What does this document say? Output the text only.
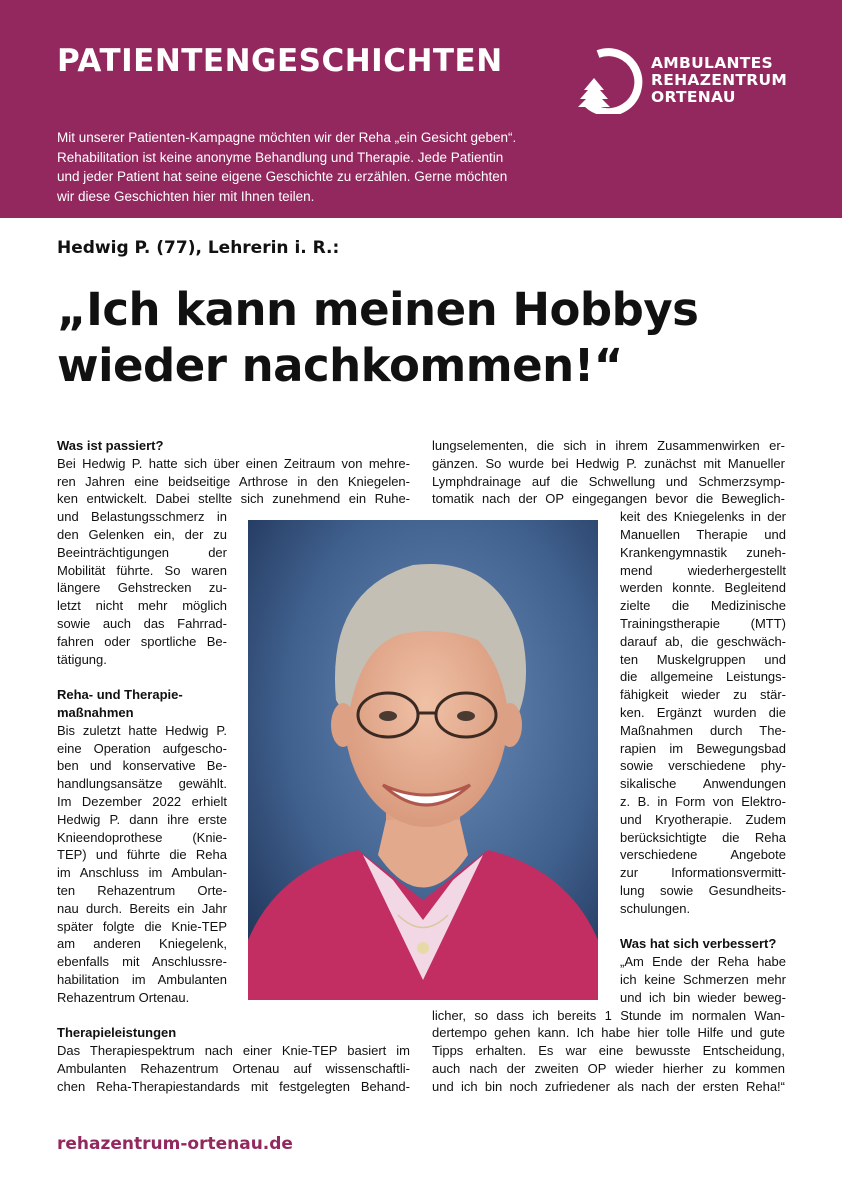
PATIENTENGESCHICHTEN	AMBULANTES
REHAZENTRUM
ORTENAU
Mit unserer Patienten-Kampagne möchten wir der Reha „ein Gesicht geben“.
Rehabilitation ist keine anonyme Behandlung und Therapie. Jede Patientin
und jeder Patient hat seine eigene Geschichte zu erzählen. Gerne möchten
wir diese Geschichten hier mit Ihnen teilen.
Hedwig P. (77), Lehrerin i. R.:
„Ich kann meinen Hobbys
wieder nachkommen!“
Was ist passiert?
Bei Hedwig P. hatte sich über einen Zeitraum von mehre-
ren Jahren eine beidseitige Arthrose in den Kniegelen-
ken entwickelt. Dabei stellte sich zunehmend ein Ruhe-
und Belastungsschmerz in
den Gelenken ein, der zu
Beeinträchtigungen der
Mobilität führte. So waren
längere Gehstrecken zu-
letzt nicht mehr möglich
sowie auch das Fahrrad-
fahren oder sportliche Be-
tätigung.
Reha- und Therapie-
maßnahmen
Bis zuletzt hatte Hedwig P.
eine Operation aufgescho-
ben und konservative Be-
handlungsansätze gewählt.
Im Dezember 2022 erhielt
Hedwig P. dann ihre erste
Knieendoprothese (Knie-
TEP) und führte die Reha
im Anschluss im Ambulan-
ten Rehazentrum Orte-
nau durch. Bereits ein Jahr
später folgte die Knie-TEP
am anderen Kniegelenk,
ebenfalls mit Anschlussre-
habilitation im Ambulanten
Rehazentrum Ortenau.
Therapieleistungen
Das Therapiespektrum nach einer Knie-TEP basiert im
Ambulanten Rehazentrum Ortenau auf wissenschaftli-
chen Reha-Therapiestandards mit festgelegten Behand-
lungselementen, die sich in ihrem Zusammenwirken er-
gänzen. So wurde bei Hedwig P. zunächst mit Manueller
Lymphdrainage auf die Schwellung und Schmerzsymp-
tomatik nach der OP eingegangen bevor die Beweglich-
keit des Kniegelenks in der
Manuellen Therapie und
Krankengymnastik zuneh-
mend wiederhergestellt
werden konnte. Begleitend
zielte die Medizinische
Trainingstherapie (MTT)
darauf ab, die geschwäch-
ten Muskelgruppen und
die allgemeine Leistungs-
fähigkeit wieder zu stär-
ken. Ergänzt wurden die
Maßnahmen durch The-
rapien im Bewegungsbad
sowie verschiedene phy-
sikalische Anwendungen
z. B. in Form von Elektro-
und Kryotherapie. Zudem
berücksichtigte die Reha
verschiedene Angebote
zur Informationsvermitt-
lung sowie Gesundheits-
schulungen.
Was hat sich verbessert?
„Am Ende der Reha habe
ich keine Schmerzen mehr
und ich bin wieder beweg-
licher, so dass ich bereits 1 Stunde im normalen Wan-
dertempo gehen kann. Ich habe hier tolle Hilfe und gute
Tipps erhalten. Es war eine bewusste Entscheidung,
auch nach der zweiten OP wieder hierher zu kommen
und ich bin noch zufriedener als nach der ersten Reha!“

rehazentrum-ortenau.de
